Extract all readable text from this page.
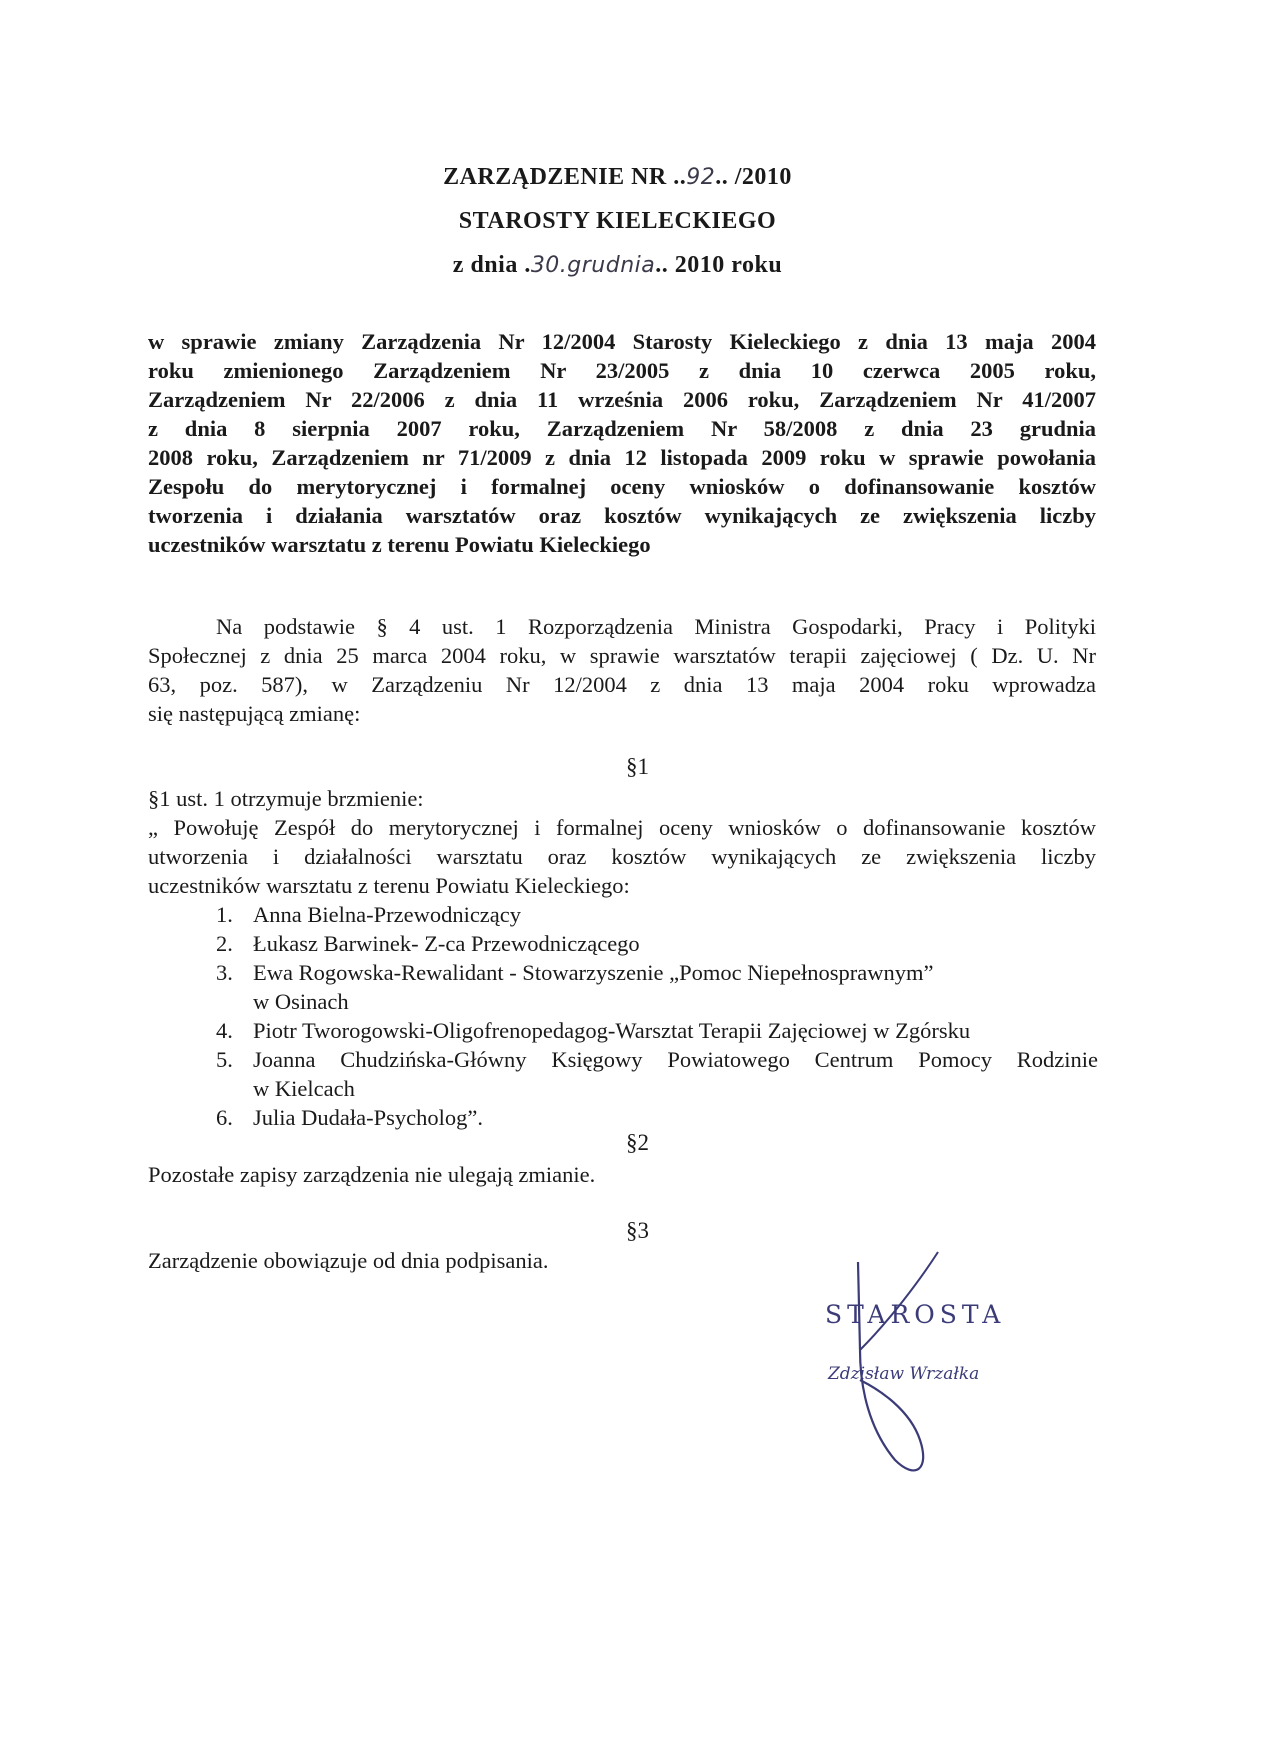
ZARZĄDZENIE NR ..92.. /2010
STAROSTY KIELECKIEGO
z dnia .30.grudnia.. 2010 roku
w sprawie zmiany Zarządzenia Nr 12/2004 Starosty Kieleckiego z dnia 13 maja 2004
roku zmienionego Zarządzeniem Nr 23/2005 z dnia 10 czerwca 2005 roku,
Zarządzeniem Nr 22/2006 z dnia 11 września 2006 roku, Zarządzeniem Nr 41/2007
z dnia 8 sierpnia 2007 roku, Zarządzeniem Nr 58/2008 z dnia 23 grudnia
2008 roku, Zarządzeniem nr 71/2009 z dnia 12 listopada 2009 roku w sprawie powołania
Zespołu do merytorycznej i formalnej oceny wniosków o dofinansowanie kosztów
tworzenia i działania warsztatów oraz kosztów wynikających ze zwiększenia liczby
uczestników warsztatu z terenu Powiatu Kieleckiego
Na podstawie § 4 ust. 1 Rozporządzenia Ministra Gospodarki, Pracy i Polityki
Społecznej z dnia 25 marca 2004 roku, w sprawie warsztatów terapii zajęciowej ( Dz. U. Nr
63, poz. 587), w Zarządzeniu Nr 12/2004 z dnia 13 maja 2004 roku wprowadza
się następującą zmianę:
§1
§1 ust. 1 otrzymuje brzmienie:
„ Powołuję Zespół do merytorycznej i formalnej oceny wniosków o dofinansowanie kosztów
utworzenia i działalności warsztatu oraz kosztów wynikających ze zwiększenia liczby
uczestników warsztatu z terenu Powiatu Kieleckiego:
1. Anna Bielna-Przewodniczący
2. Łukasz Barwinek- Z-ca Przewodniczącego
3. Ewa Rogowska-Rewalidant - Stowarzyszenie „Pomoc Niepełnosprawnym”
w Osinach
4. Piotr Tworogowski-Oligofrenopedagog-Warsztat Terapii Zajęciowej w Zgórsku
5. Joanna Chudzińska-Główny Księgowy Powiatowego Centrum Pomocy Rodzinie
w Kielcach
6. Julia Dudała-Psycholog”.
§2
Pozostałe zapisy zarządzenia nie ulegają zmianie.
§3
Zarządzenie obowiązuje od dnia podpisania.
STAROSTA
Zdzisław Wrzałka
